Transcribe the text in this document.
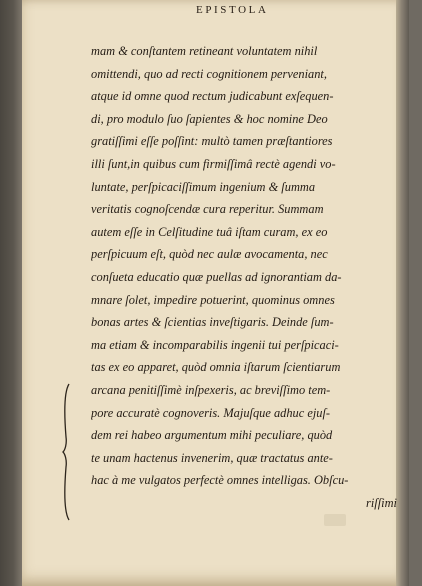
EPISTOLA
mam & conſtantem retineant voluntatem nihil
omittendi, quo ad recti cognitionem perveniant,
atque id omne quod rectum judicabunt exſequen-
di, pro modulo ſuo ſapientes & hoc nomine Deo
gratiſſimi eſſe poſſint: multò tamen præſtantiores
illi ſunt,in quibus cum firmiſſimâ rectè agendi vo-
luntate, perſpicaciſſimum ingenium & ſumma
veritatis cognoſcendæ cura reperitur. Summam
autem eſſe in Celſitudine tuâ iſtam curam, ex eo
perſpicuum eſt, quòd nec aulæ avocamenta, nec
conſueta educatio quæ puellas ad ignorantiam da-
mnare ſolet, impedire potuerint, quominus omnes
bonas artes & ſcientias inveſtigaris. Deinde ſum-
ma etiam & incomparabilis ingenii tui perſpicaci-
tas ex eo apparet, quòd omnia iſtarum ſcientiarum
arcana penitiſſimè inſpexeris, ac breviſſimo tem-
pore accuratè cognoveris. Majuſque adhuc ejuſ-
dem rei habeo argumentum mihi peculiare, quòd
te unam hactenus invenerim, quæ tractatus ante-
hac à me vulgatos perfectè omnes intelligas. Obſcu-
riſſimi
